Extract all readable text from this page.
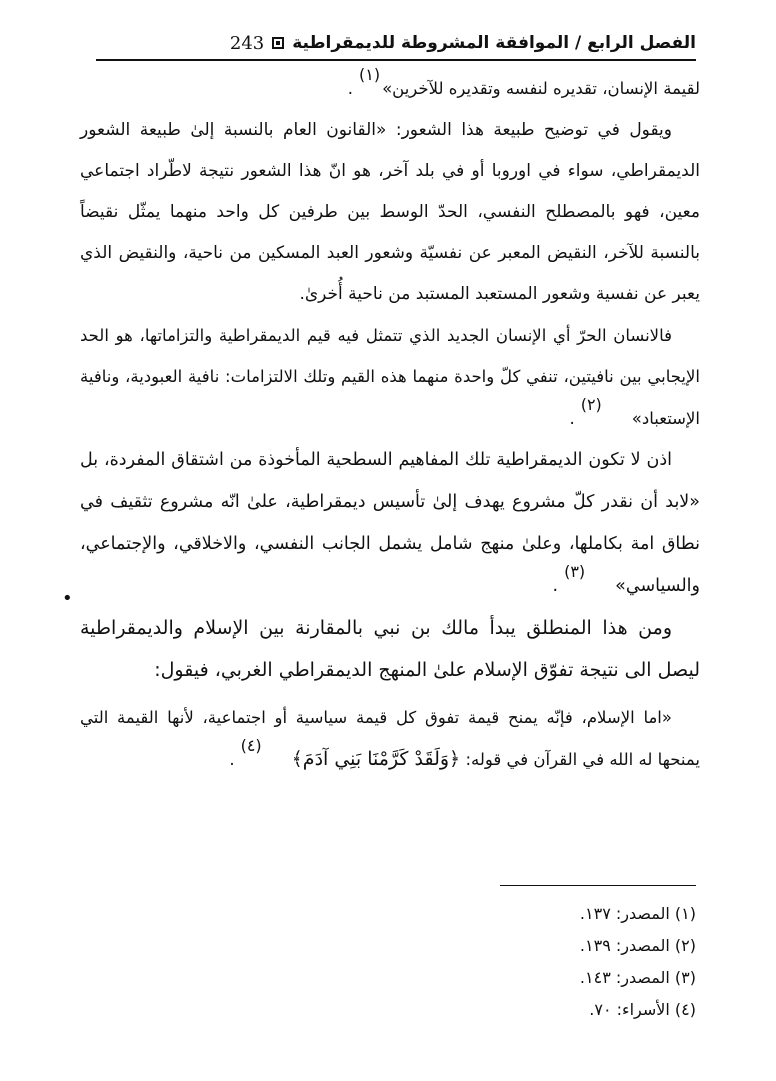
الفصل الرابع / الموافقة المشروطة للديمقراطية
243

لقيمة الإنسان، تقديره لنفسه وتقديره للآخرين»(١).

ويقول في توضيح طبيعة هذا الشعور: «القانون العام بالنسبة إلىٰ طبيعة الشعور الديمقراطي، سواء في اوروبا أو في بلد آخر، هو انّ هذا الشعور نتيجة لاطّراد اجتماعي معين، فهو بالمصطلح النفسي، الحدّ الوسط بين طرفين كل واحد منهما يمثّل نقيضاً بالنسبة للآخر، النقيض المعبر عن نفسيّة وشعور العبد المسكين من ناحية، والنقيض الذي يعبر عن نفسية وشعور المستعبد المستبد من ناحية أُخرىٰ.

فالانسان الحرّ أي الإنسان الجديد الذي تتمثل فيه قيم الديمقراطية والتزاماتها، هو الحد الإيجابي بين نافيتين، تنفي كلّ واحدة منهما هذه القيم وتلك الالتزامات: نافية العبودية، ونافية الإستعباد»(٢).

اذن لا تكون الديمقراطية تلك المفاهيم السطحية المأخوذة من اشتقاق المفردة، بل «لابد أن نقدر كلّ مشروع يهدف إلىٰ تأسيس ديمقراطية، علىٰ انّه مشروع تثقيف في نطاق امة بكاملها، وعلىٰ منهج شامل يشمل الجانب النفسي، والاخلاقي، والإجتماعي، والسياسي»(٣).

ومن هذا المنطلق يبدأ مالك بن نبي بالمقارنة بين الإسلام والديمقراطية ليصل الى نتيجة تفوّق الإسلام علىٰ المنهج الديمقراطي الغربي، فيقول:

«اما الإسلام، فإنّه يمنح قيمة تفوق كل قيمة سياسية أو اجتماعية، لأنها القيمة التي يمنحها له الله في القرآن في قوله: ﴿وَلَقَدْ كَرَّمْنَا بَنِي آدَمَ﴾(٤).

•

(١) المصدر: ١٣٧.

(٢) المصدر: ١٣٩.

(٣) المصدر: ١٤٣.

(٤) الأسراء: ٧٠.
